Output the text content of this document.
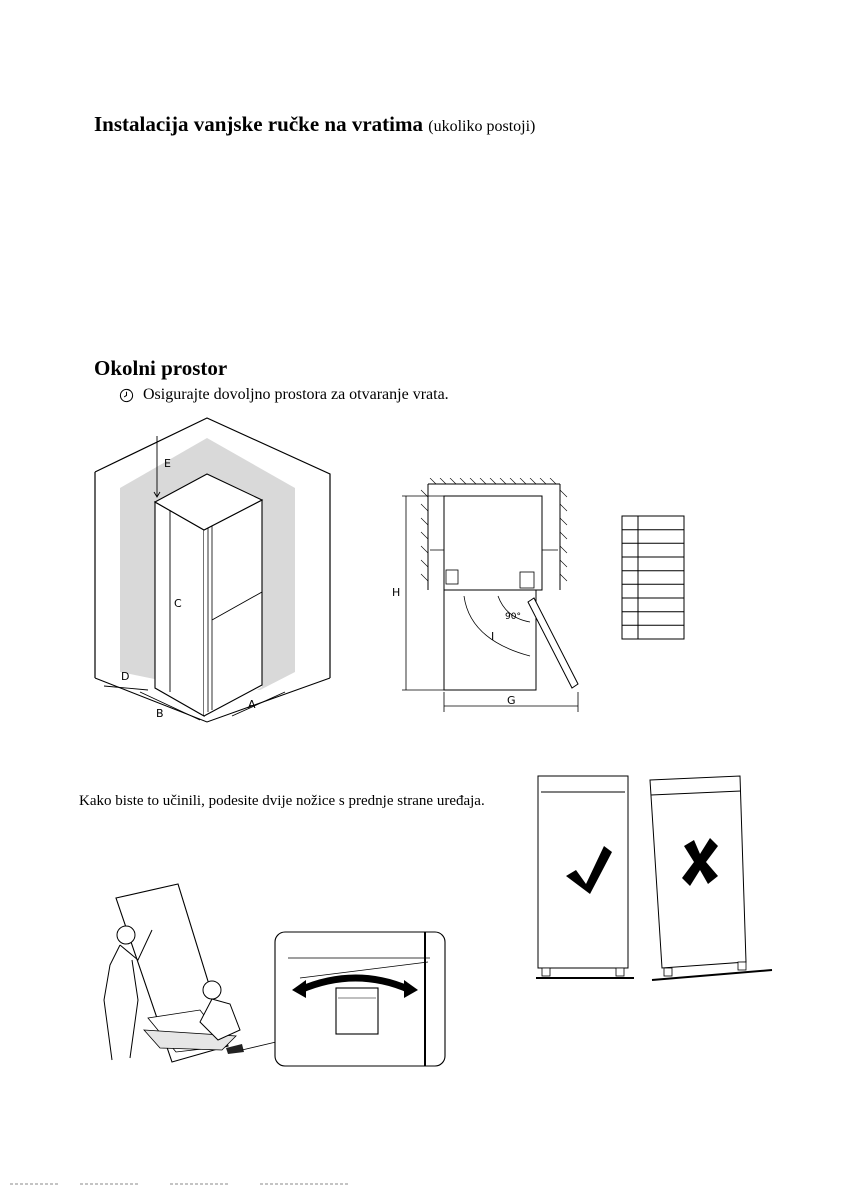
Instalacija vanjske ručke na vratima (ukoliko postoji)
Okolni prostor
Osigurajte dovoljno prostora za otvaranje vrata.
E
C
D
B
A
H
G
I
90°
Kako biste to učinili, podesite dvije nožice s prednje strane uređaja.
